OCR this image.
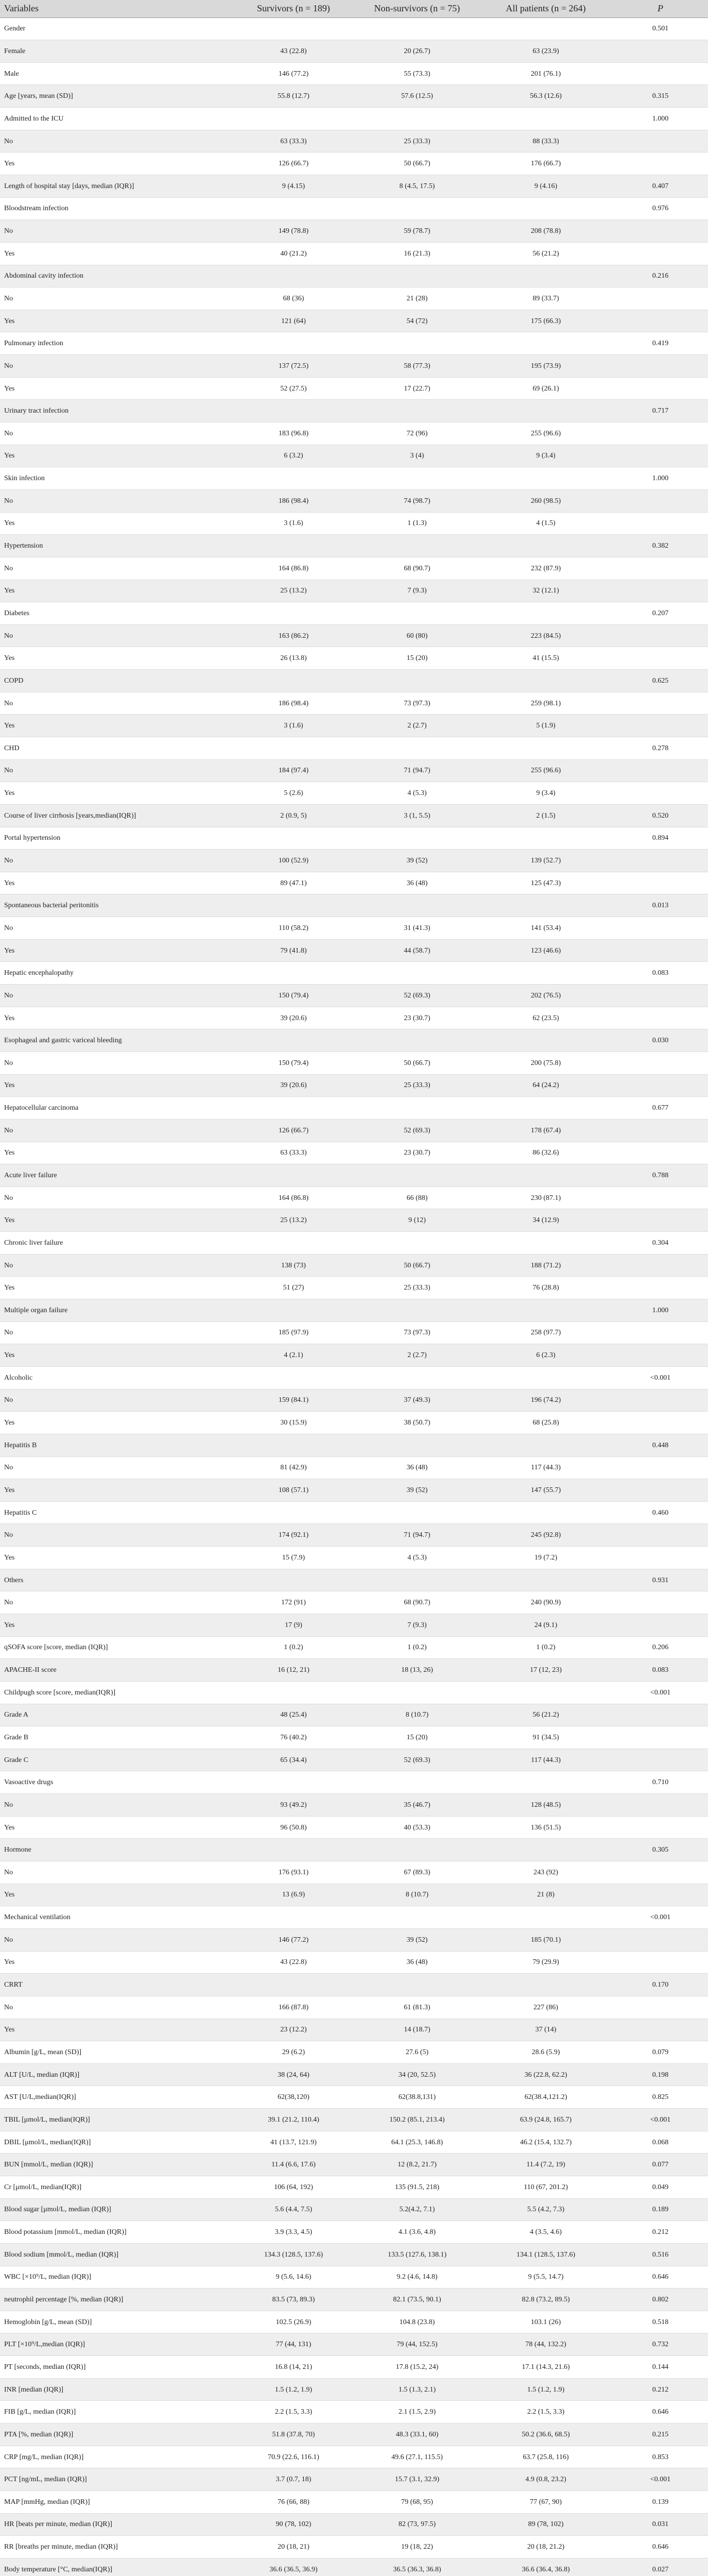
Variables	Survivors (n = 189)	Non-survivors (n = 75)	All patients (n = 264)	P
Gender				0.501
Female	43 (22.8)	20 (26.7)	63 (23.9)	
Male	146 (77.2)	55 (73.3)	201 (76.1)	
Age [years, mean (SD)]	55.8 (12.7)	57.6 (12.5)	56.3 (12.6)	0.315
Admitted to the ICU				1.000
No	63 (33.3)	25 (33.3)	88 (33.3)	
Yes	126 (66.7)	50 (66.7)	176 (66.7)	
Length of hospital stay [days, median (IQR)]	9 (4.15)	8 (4.5, 17.5)	9 (4.16)	0.407
Bloodstream infection				0.976
No	149 (78.8)	59 (78.7)	208 (78.8)	
Yes	40 (21.2)	16 (21.3)	56 (21.2)	
Abdominal cavity infection				0.216
No	68 (36)	21 (28)	89 (33.7)	
Yes	121 (64)	54 (72)	175 (66.3)	
Pulmonary infection				0.419
No	137 (72.5)	58 (77.3)	195 (73.9)	
Yes	52 (27.5)	17 (22.7)	69 (26.1)	
Urinary tract infection				0.717
No	183 (96.8)	72 (96)	255 (96.6)	
Yes	6 (3.2)	3 (4)	9 (3.4)	
Skin infection				1.000
No	186 (98.4)	74 (98.7)	260 (98.5)	
Yes	3 (1.6)	1 (1.3)	4 (1.5)	
Hypertension				0.382
No	164 (86.8)	68 (90.7)	232 (87.9)	
Yes	25 (13.2)	7 (9.3)	32 (12.1)	
Diabetes				0.207
No	163 (86.2)	60 (80)	223 (84.5)	
Yes	26 (13.8)	15 (20)	41 (15.5)	
COPD				0.625
No	186 (98.4)	73 (97.3)	259 (98.1)	
Yes	3 (1.6)	2 (2.7)	5 (1.9)	
CHD				0.278
No	184 (97.4)	71 (94.7)	255 (96.6)	
Yes	5 (2.6)	4 (5.3)	9 (3.4)	
Course of liver cirrhosis [years,median(IQR)]	2 (0.9, 5)	3 (1, 5.5)	2 (1.5)	0.520
Portal hypertension				0.894
No	100 (52.9)	39 (52)	139 (52.7)	
Yes	89 (47.1)	36 (48)	125 (47.3)	
Spontaneous bacterial peritonitis				0.013
No	110 (58.2)	31 (41.3)	141 (53.4)	
Yes	79 (41.8)	44 (58.7)	123 (46.6)	
Hepatic encephalopathy				0.083
No	150 (79.4)	52 (69.3)	202 (76.5)	
Yes	39 (20.6)	23 (30.7)	62 (23.5)	
Esophageal and gastric variceal bleeding				0.030
No	150 (79.4)	50 (66.7)	200 (75.8)	
Yes	39 (20.6)	25 (33.3)	64 (24.2)	
Hepatocellular carcinoma				0.677
No	126 (66.7)	52 (69.3)	178 (67.4)	
Yes	63 (33.3)	23 (30.7)	86 (32.6)	
Acute liver failure				0.788
No	164 (86.8)	66 (88)	230 (87.1)	
Yes	25 (13.2)	9 (12)	34 (12.9)	
Chronic liver failure				0.304
No	138 (73)	50 (66.7)	188 (71.2)	
Yes	51 (27)	25 (33.3)	76 (28.8)	
Multiple organ failure				1.000
No	185 (97.9)	73 (97.3)	258 (97.7)	
Yes	4 (2.1)	2 (2.7)	6 (2.3)	
Alcoholic				<0.001
No	159 (84.1)	37 (49.3)	196 (74.2)	
Yes	30 (15.9)	38 (50.7)	68 (25.8)	
Hepatitis B				0.448
No	81 (42.9)	36 (48)	117 (44.3)	
Yes	108 (57.1)	39 (52)	147 (55.7)	
Hepatitis C				0.460
No	174 (92.1)	71 (94.7)	245 (92.8)	
Yes	15 (7.9)	4 (5.3)	19 (7.2)	
Others				0.931
No	172 (91)	68 (90.7)	240 (90.9)	
Yes	17 (9)	7 (9.3)	24 (9.1)	
qSOFA score [score, median (IQR)]	1 (0.2)	1 (0.2)	1 (0.2)	0.206
APACHE-II score	16 (12, 21)	18 (13, 26)	17 (12, 23)	0.083
Childpugh score [score, median(IQR)]				<0.001
Grade A	48 (25.4)	8 (10.7)	56 (21.2)	
Grade B	76 (40.2)	15 (20)	91 (34.5)	
Grade C	65 (34.4)	52 (69.3)	117 (44.3)	
Vasoactive drugs				0.710
No	93 (49.2)	35 (46.7)	128 (48.5)	
Yes	96 (50.8)	40 (53.3)	136 (51.5)	
Hormone				0.305
No	176 (93.1)	67 (89.3)	243 (92)	
Yes	13 (6.9)	8 (10.7)	21 (8)	
Mechanical ventilation				<0.001
No	146 (77.2)	39 (52)	185 (70.1)	
Yes	43 (22.8)	36 (48)	79 (29.9)	
CRRT				0.170
No	166 (87.8)	61 (81.3)	227 (86)	
Yes	23 (12.2)	14 (18.7)	37 (14)	
Albumin [g/L, mean (SD)]	29 (6.2)	27.6 (5)	28.6 (5.9)	0.079
ALT [U/L, median (IQR)]	38 (24, 64)	34 (20, 52.5)	36 (22.8, 62.2)	0.198
AST [U/L,median(IQR)]	62(38,120)	62(38.8,131)	62(38.4,121.2)	0.825
TBIL [μmol/L, median(IQR)]	39.1 (21.2, 110.4)	150.2 (85.1, 213.4)	63.9 (24.8, 165.7)	<0.001
DBIL [μmol/L, median(IQR)]	41 (13.7, 121.9)	64.1 (25.3, 146.8)	46.2 (15.4, 132.7)	0.068
BUN [mmol/L, median (IQR)]	11.4 (6.6, 17.6)	12 (8.2, 21.7)	11.4 (7.2, 19)	0.077
Cr [μmol/L, median(IQR)]	106 (64, 192)	135 (91.5, 218)	110 (67, 201.2)	0.049
Blood sugar [μmol/L, median (IQR)]	5.6 (4.4, 7.5)	5.2(4.2, 7.1)	5.5 (4.2, 7.3)	0.189
Blood potassium [mmol/L, median (IQR)]	3.9 (3.3, 4.5)	4.1 (3.6, 4.8)	4 (3.5, 4.6)	0.212
Blood sodium [mmol/L, median (IQR)]	134.3 (128.5, 137.6)	133.5 (127.6, 138.1)	134.1 (128.5, 137.6)	0.516
WBC [×10⁹/L, median (IQR)]	9 (5.6, 14.6)	9.2 (4.6, 14.8)	9 (5.5, 14.7)	0.646
neutrophil percentage [%, median (IQR)]	83.5 (73, 89.3)	82.1 (73.5, 90.1)	82.8 (73.2, 89.5)	0.802
Hemoglobin [g/L, mean (SD)]	102.5 (26.9)	104.8 (23.8)	103.1 (26)	0.518
PLT [×10⁹/L,median (IQR)]	77 (44, 131)	79 (44, 152.5)	78 (44, 132.2)	0.732
PT [seconds, median (IQR)]	16.8 (14, 21)	17.8 (15.2, 24)	17.1 (14.3, 21.6)	0.144
INR [median (IQR)]	1.5 (1.2, 1.9)	1.5 (1.3, 2.1)	1.5 (1.2, 1.9)	0.212
FIB [g/L, median (IQR)]	2.2 (1.5, 3.3)	2.1 (1.5, 2.9)	2.2 (1.5, 3.3)	0.646
PTA [%, median (IQR)]	51.8 (37.8, 70)	48.3 (33.1, 60)	50.2 (36.6, 68.5)	0.215
CRP [mg/L, median (IQR)]	70.9 (22.6, 116.1)	49.6 (27.1, 115.5)	63.7 (25.8, 116)	0.853
PCT [ng/mL, median (IQR)]	3.7 (0.7, 18)	15.7 (3.1, 32.9)	4.9 (0.8, 23.2)	<0.001
MAP [mmHg, median (IQR)]	76 (66, 88)	79 (68, 95)	77 (67, 90)	0.139
HR [beats per minute, median (IQR)]	90 (78, 102)	82 (73, 97.5)	89 (78, 102)	0.031
RR [breaths per minute, median (IQR)]	20 (18, 21)	19 (18, 22)	20 (18, 21.2)	0.646
Body temperature [°C, median(IQR)]	36.6 (36.5, 36.9)	36.5 (36.3, 36.8)	36.6 (36.4, 36.8)	0.027
